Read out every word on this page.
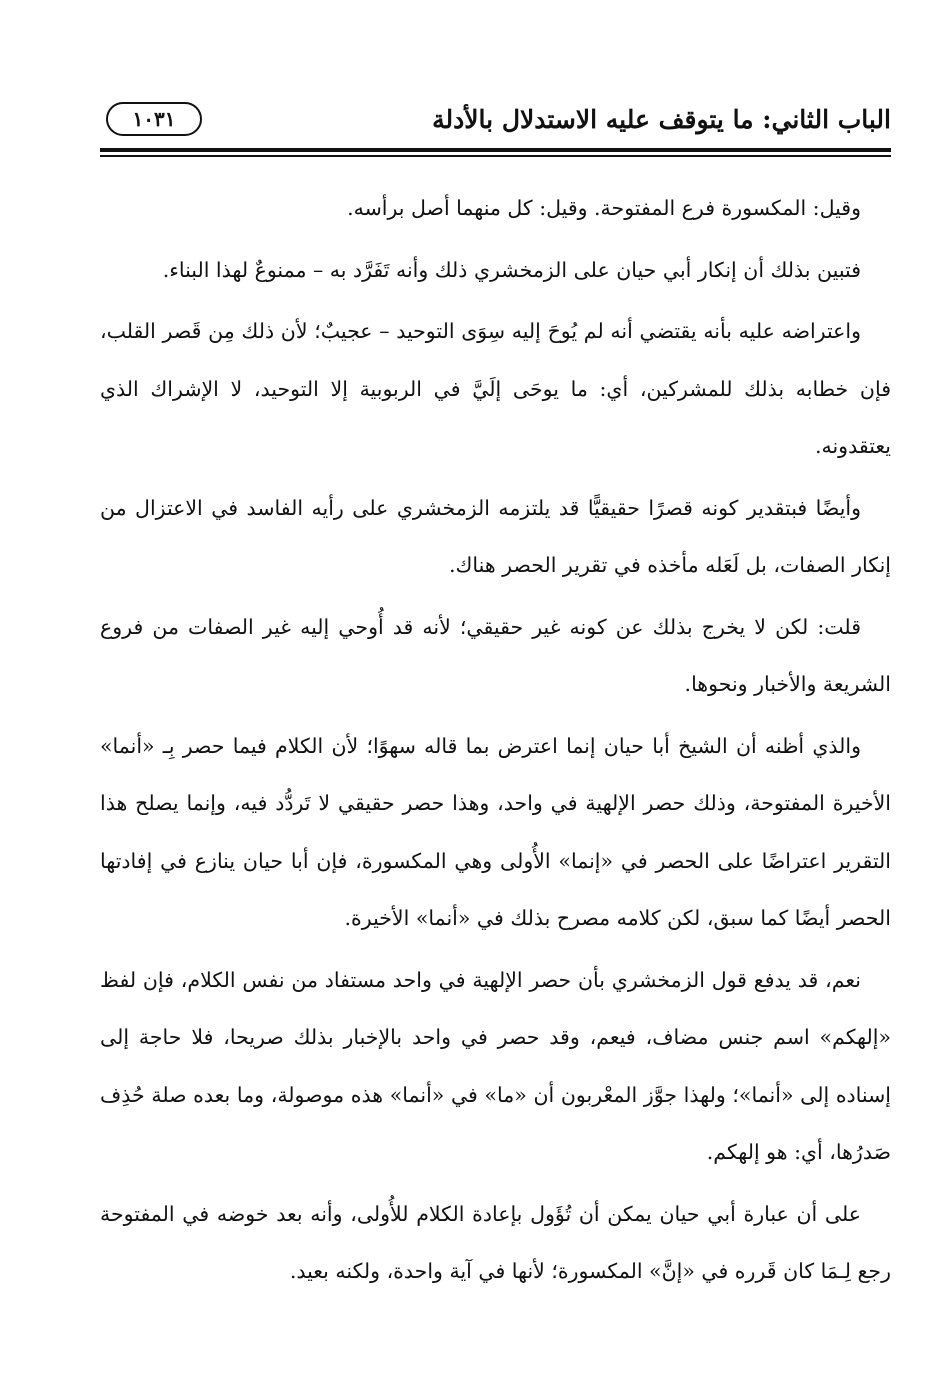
الباب الثاني: ما يتوقف عليه الاستدلال بالأدلة
١٠٣١

وقيل: المكسورة فرع المفتوحة. وقيل: كل منهما أصل برأسه.

فتبين بذلك أن إنكار أبي حيان على الزمخشري ذلك وأنه تَفَرَّد به – ممنوعٌ لهذا البناء.

واعتراضه عليه بأنه يقتضي أنه لم يُوحَ إليه سِوَى التوحيد – عجيبٌ؛ لأن ذلك مِن قَصر القلب، فإن خطابه بذلك للمشركين، أي: ما يوحَى إلَيَّ في الربوبية إلا التوحيد، لا الإشراك الذي يعتقدونه.

وأيضًا فبتقدير كونه قصرًا حقيقيًّا قد يلتزمه الزمخشري على رأيه الفاسد في الاعتزال من إنكار الصفات، بل لَعَله مأخذه في تقرير الحصر هناك.

قلت: لكن لا يخرج بذلك عن كونه غير حقيقي؛ لأنه قد أُوحي إليه غير الصفات من فروع الشريعة والأخبار ونحوها.

والذي أظنه أن الشيخ أبا حيان إنما اعترض بما قاله سهوًا؛ لأن الكلام فيما حصر بِـ «أنما» الأخيرة المفتوحة، وذلك حصر الإلهية في واحد، وهذا حصر حقيقي لا تَردُّد فيه، وإنما يصلح هذا التقرير اعتراضًا على الحصر في «إنما» الأُولى وهي المكسورة، فإن أبا حيان ينازع في إفادتها الحصر أيضًا كما سبق، لكن كلامه مصرح بذلك في «أنما» الأخيرة.

نعم، قد يدفع قول الزمخشري بأن حصر الإلهية في واحد مستفاد من نفس الكلام، فإن لفظ «إلهكم» اسم جنس مضاف، فيعم، وقد حصر في واحد بالإخبار بذلك صريحا، فلا حاجة إلى إسناده إلى «أنما»؛ ولهذا جوَّز المعْربون أن «ما» في «أنما» هذه موصولة، وما بعده صلة حُذِف صَدرُها، أي: هو إلهكم.

على أن عبارة أبي حيان يمكن أن تُؤَول بإعادة الكلام للأُولى، وأنه بعد خوضه في المفتوحة رجع لِـمَا كان قَرره في «إنَّ» المكسورة؛ لأنها في آية واحدة، ولكنه بعيد.
